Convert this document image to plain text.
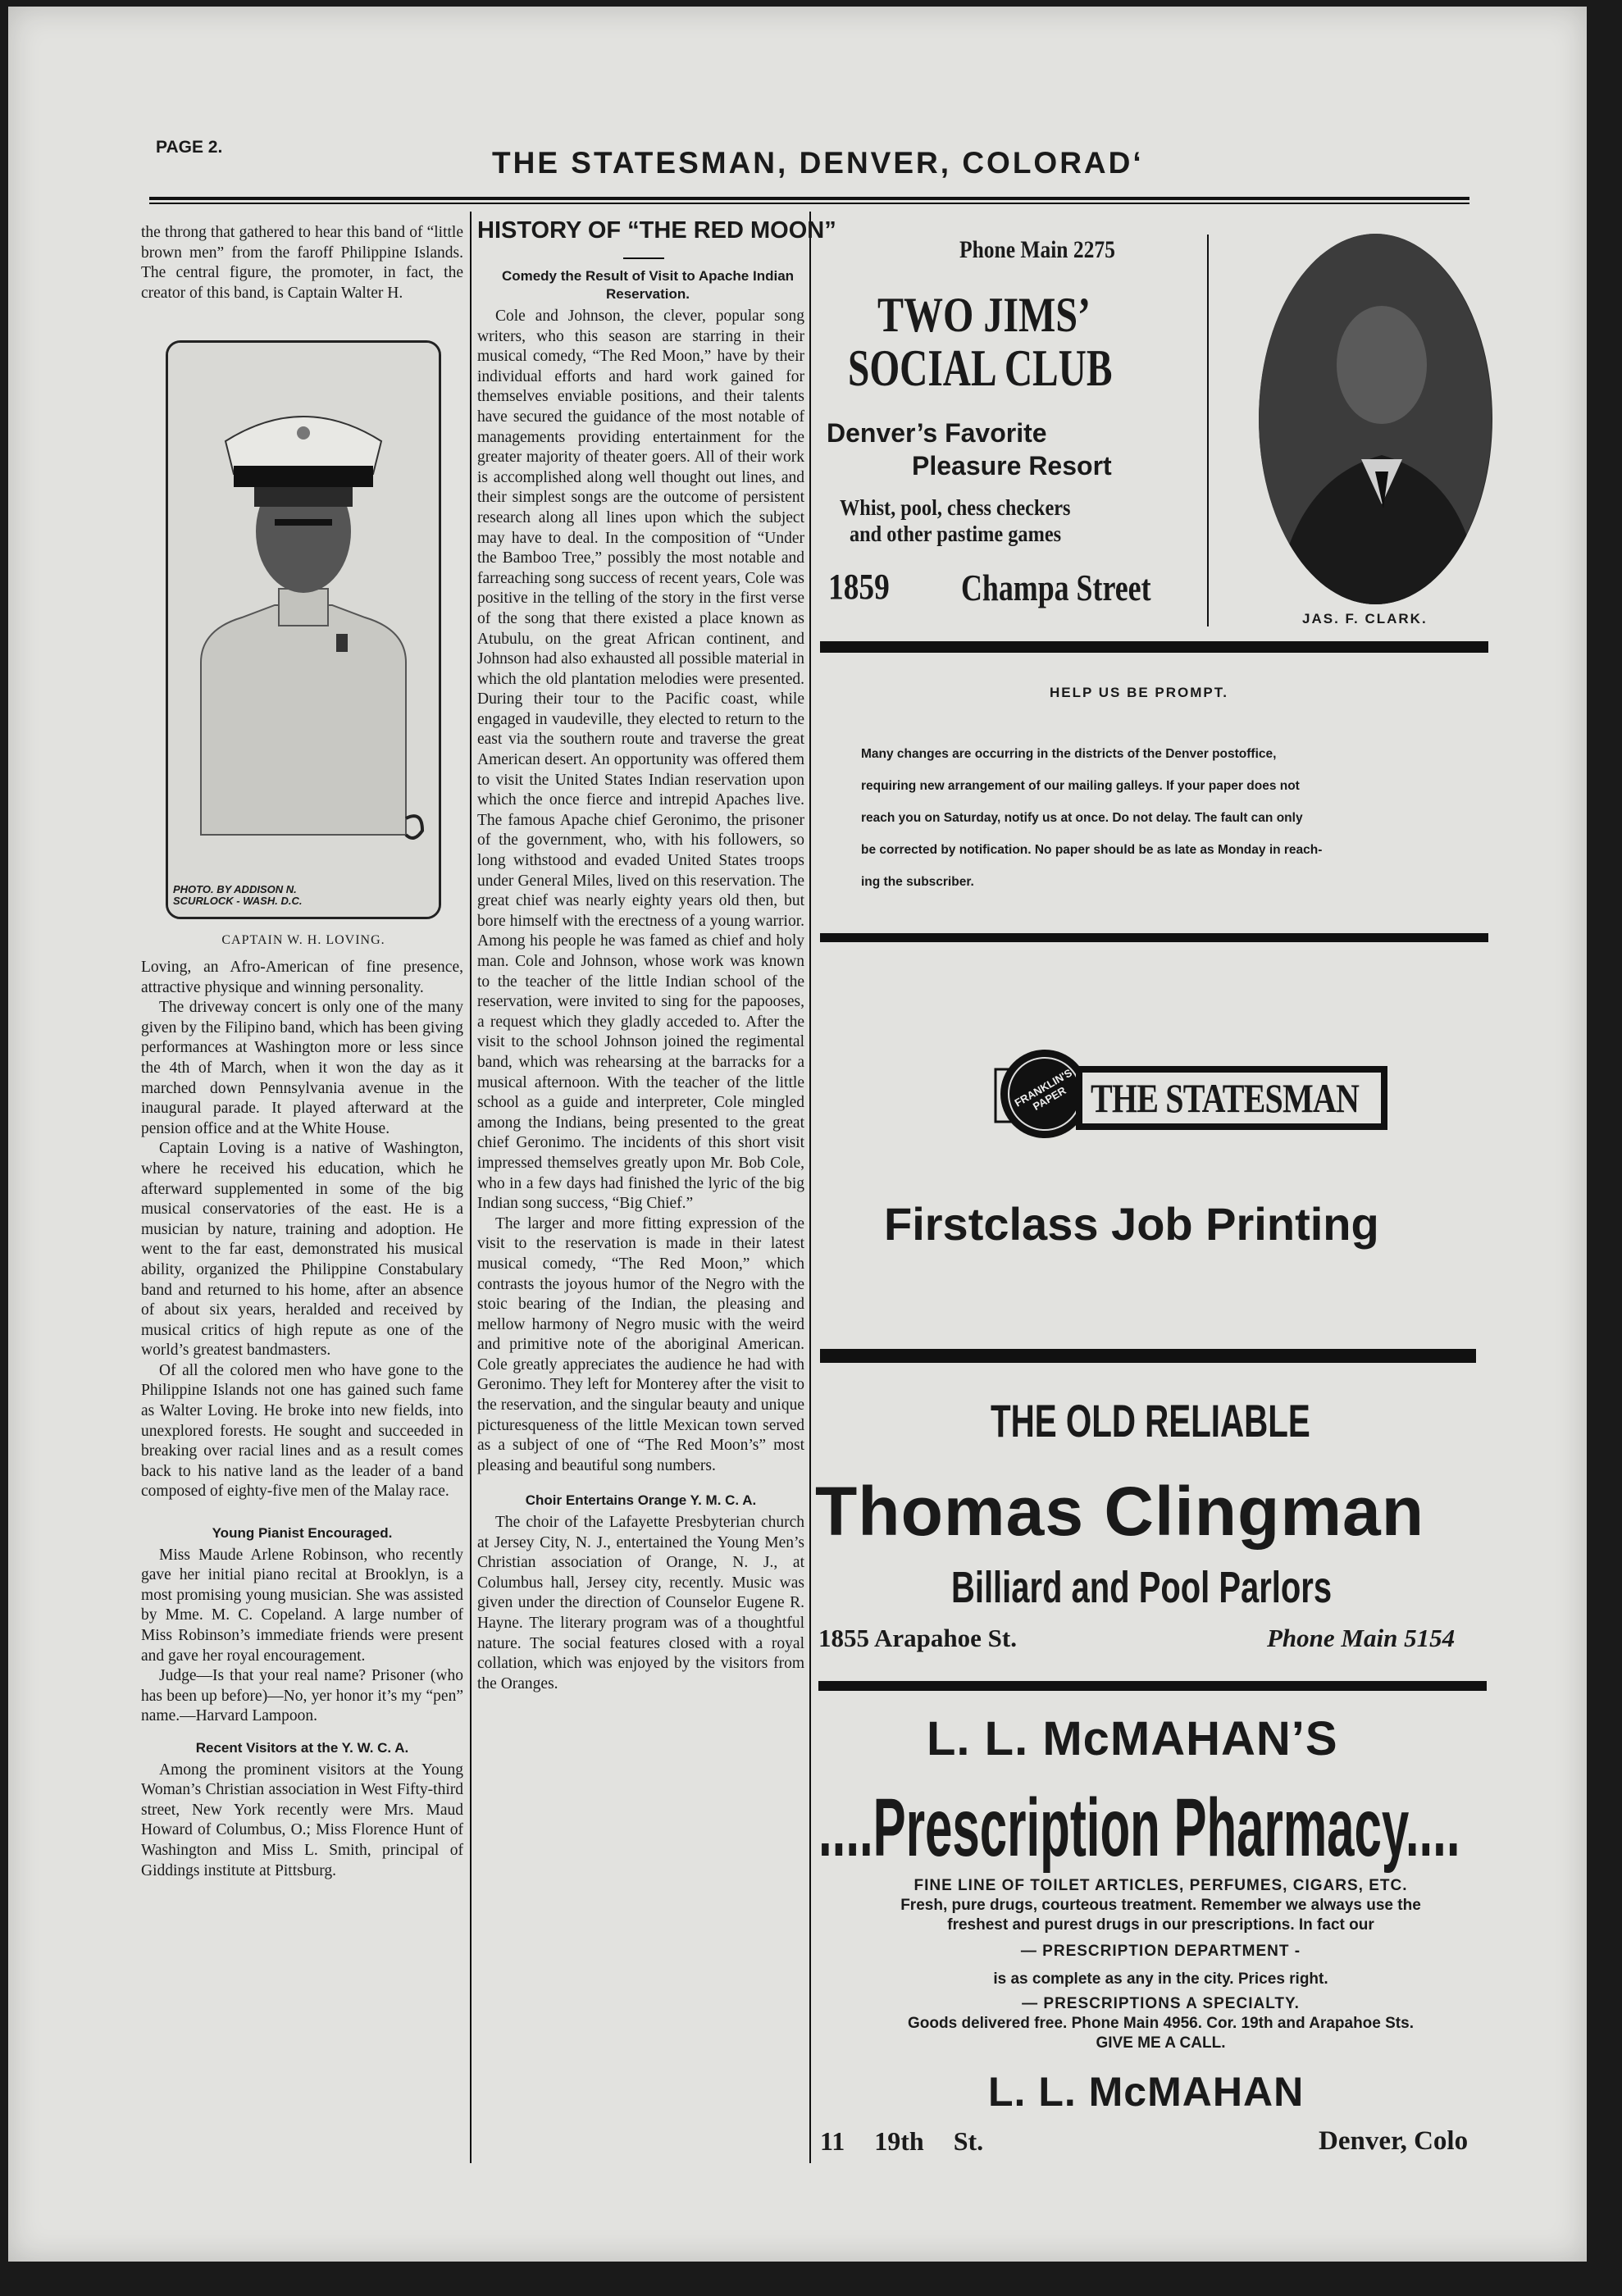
PAGE 2.	THE STATESMAN, DENVER, COLORADʻ

the throng that gathered to hear this band of “little brown men” from the faroff Philippine Islands. The central figure, the promoter, in fact, the creator of this band, is Captain Walter H.

PHOTO. BY ADDISON N.
SCURLOCK - WASH. D.C.
CAPTAIN W. H. LOVING.

Loving, an Afro-American of fine presence, attractive physique and winning personality.

The driveway concert is only one of the many given by the Filipino band, which has been giving performances at Washington more or less since the 4th of March, when it won the day as it marched down Pennsylvania avenue in the inaugural parade. It played afterward at the pension office and at the White House.

Captain Loving is a native of Washington, where he received his education, which he afterward supplemented in some of the big musical conservatories of the east. He is a musician by nature, training and adoption. He went to the far east, demonstrated his musical ability, organized the Philippine Constabulary band and returned to his home, after an absence of about six years, heralded and received by musical critics of high repute as one of the world’s greatest bandmasters.

Of all the colored men who have gone to the Philippine Islands not one has gained such fame as Walter Loving. He broke into new fields, into unexplored forests. He sought and succeeded in breaking over racial lines and as a result comes back to his native land as the leader of a band composed of eighty-five men of the Malay race.

Young Pianist Encouraged.

Miss Maude Arlene Robinson, who recently gave her initial piano recital at Brooklyn, is a most promising young musician. She was assisted by Mme. M. C. Copeland. A large number of Miss Robinson’s immediate friends were present and gave her royal encouragement.

Judge—Is that your real name? Prisoner (who has been up before)—No, yer honor it’s my “pen” name.—Harvard Lampoon.

Recent Visitors at the Y. W. C. A.

Among the prominent visitors at the Young Woman’s Christian association in West Fifty-third street, New York recently were Mrs. Maud Howard of Columbus, O.; Miss Florence Hunt of Washington and Miss L. Smith, principal of Giddings institute at Pittsburg.

HISTORY OF “THE RED MOON”
Comedy the Result of Visit to Apache Indian Reservation.

Cole and Johnson, the clever, popular song writers, who this season are starring in their musical comedy, “The Red Moon,” have by their individual efforts and hard work gained for themselves enviable positions, and their talents have secured the guidance of the most notable of managements providing entertainment for the greater majority of theater goers. All of their work is accomplished along well thought out lines, and their simplest songs are the outcome of persistent research along all lines upon which the subject may have to deal. In the composition of “Under the Bamboo Tree,” possibly the most notable and farreaching song success of recent years, Cole was positive in the telling of the story in the first verse of the song that there existed a place known as Atubulu, on the great African continent, and Johnson had also exhausted all possible material in which the old plantation melodies were presented. During their tour to the Pacific coast, while engaged in vaudeville, they elected to return to the east via the southern route and traverse the great American desert. An opportunity was offered them to visit the United States Indian reservation upon which the once fierce and intrepid Apaches live. The famous Apache chief Geronimo, the prisoner of the government, who, with his followers, so long withstood and evaded United States troops under General Miles, lived on this reservation. The great chief was nearly eighty years old then, but bore himself with the erectness of a young warrior. Among his people he was famed as chief and holy man. Cole and Johnson, whose work was known to the teacher of the little Indian school of the reservation, were invited to sing for the papooses, a request which they gladly acceded to. After the visit to the school Johnson joined the regimental band, which was rehearsing at the barracks for a musical afternoon. With the teacher of the little school as a guide and interpreter, Cole mingled among the Indians, being presented to the great chief Geronimo. The incidents of this short visit impressed themselves greatly upon Mr. Bob Cole, who in a few days had finished the lyric of the big Indian song success, “Big Chief.”

The larger and more fitting expression of the visit to the reservation is made in their latest musical comedy, “The Red Moon,” which contrasts the joyous humor of the Negro with the stoic bearing of the Indian, the pleasing and mellow harmony of Negro music with the weird and primitive note of the aboriginal American. Cole greatly appreciates the audience he had with Geronimo. They left for Monterey after the visit to the reservation, and the singular beauty and unique picturesqueness of the little Mexican town served as a subject of one of “The Red Moon’s” most pleasing and beautiful song numbers.

Choir Entertains Orange Y. M. C. A.

The choir of the Lafayette Presbyterian church at Jersey City, N. J., entertained the Young Men’s Christian association of Orange, N. J., at Columbus hall, Jersey city, recently. Music was given under the direction of Counselor Eugene R. Hayne. The literary program was of a thoughtful nature. The social features closed with a royal collation, which was enjoyed by the visitors from the Oranges.

Phone Main 2275
TWO JIMS’
SOCIAL CLUB
Denver’s Favorite
Pleasure Resort
Whist, pool, chess checkers
and other pastime games
1859 Champa Street
JAS. F. CLARK.
HELP US BE PROMPT.
Many changes are occurring in the districts of the Denver postoffice,
requiring new arrangement of our mailing galleys. If your paper does not
reach you on Saturday, notify us at once. Do not delay. The fault can only
be corrected by notification. No paper should be as late as Monday in reach-
ing the subscriber.
FRANKLIN'S PAPER THE STATESMAN
Firstclass Job Printing
THE OLD RELIABLE
Thomas Clingman
Billiard and Pool Parlors
1855 Arapahoe St.	Phone Main 5154
L. L. McMAHAN’S
....Prescription Pharmacy....
FINE LINE OF TOILET ARTICLES, PERFUMES, CIGARS, ETC.
Fresh, pure drugs, courteous treatment. Remember we always use the
freshest and purest drugs in our prescriptions. In fact our
— PRESCRIPTION DEPARTMENT -
is as complete as any in the city. Prices right.
— PRESCRIPTIONS A SPECIALTY.
Goods delivered free. Phone Main 4956. Cor. 19th and Arapahoe Sts.
GIVE ME A CALL.
L. L. McMAHAN
11 19th St.	Denver, Colo
